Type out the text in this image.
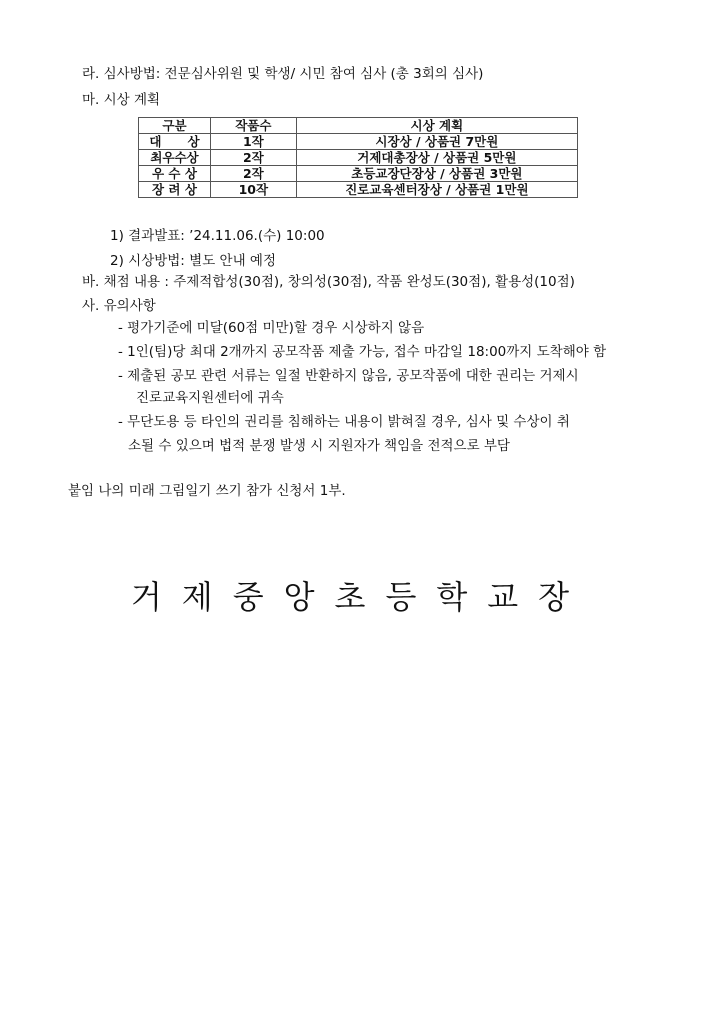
라. 심사방법: 전문심사위원 및 학생/ 시민 참여 심사 (총 3회의 심사)
마. 시상 계획
구분	작품수	시상 계획
대      상	1작	시장상 / 상품권 7만원
최우수상	2작	거제대총장상 / 상품권 5만원
우 수 상	2작	초등교장단장상 / 상품권 3만원
장 려 상	10작	진로교육센터장상 / 상품권 1만원
1) 결과발표: ’24.11.06.(수) 10:00
2) 시상방법: 별도 안내 예정
바. 채점 내용 : 주제적합성(30점), 창의성(30점), 작품 완성도(30점), 활용성(10점)
사. 유의사항
- 평가기준에 미달(60점 미만)할 경우 시상하지 않음
- 1인(팀)당 최대 2개까지 공모작품 제출 가능, 접수 마감일 18:00까지 도착해야 함
- 제출된 공모 관련 서류는 일절 반환하지 않음, 공모작품에 대한 권리는 거제시
진로교육지원센터에 귀속
- 무단도용 등 타인의 권리를 침해하는 내용이 밝혀질 경우, 심사 및 수상이 취
소될 수 있으며 법적 분쟁 발생 시 지원자가 책임을 전적으로 부담
붙임 나의 미래 그림일기 쓰기 참가 신청서 1부.
거제중앙초등학교장
